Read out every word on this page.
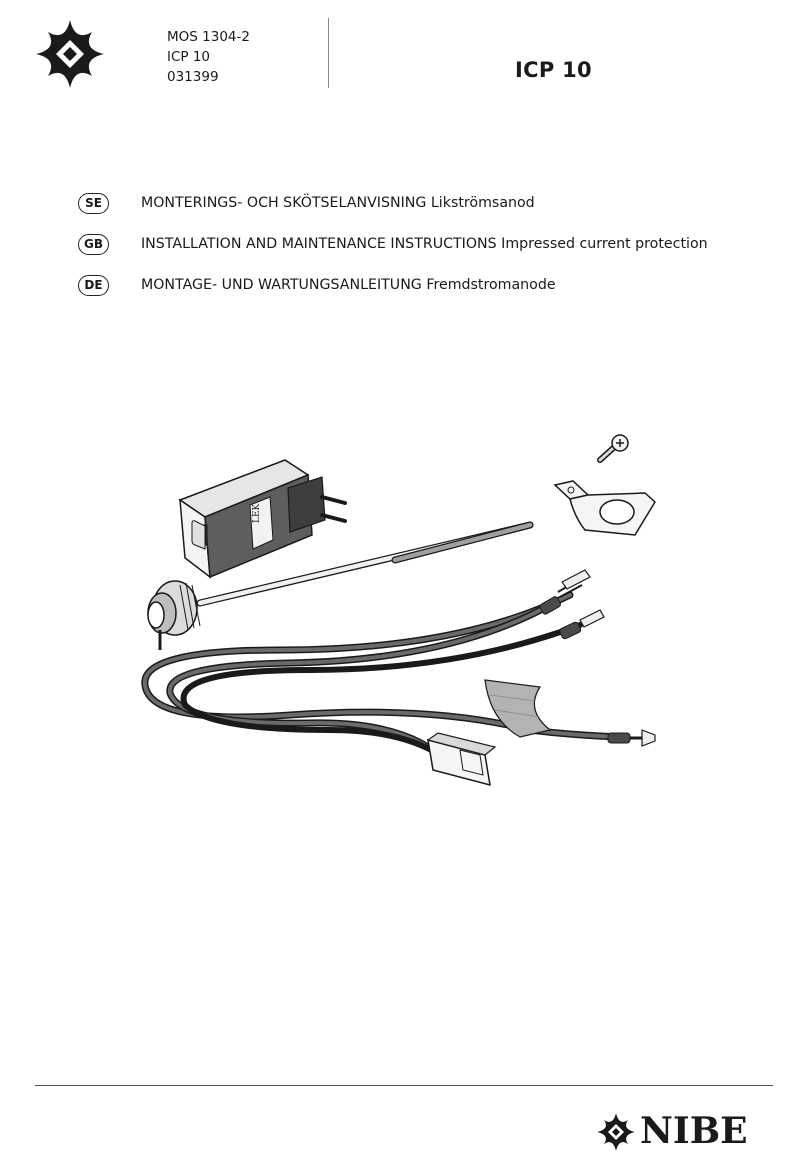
MOS 1304-2
ICP 10
031399	ICP 10
SE	MONTERINGS- OCH SKÖTSELANVISNING Likströmsanod
GB	INSTALLATION AND MAINTENANCE INSTRUCTIONS Impressed current protection
DE	MONTAGE- UND WARTUNGSANLEITUNG Fremdstromanode
LEK
NIBE
